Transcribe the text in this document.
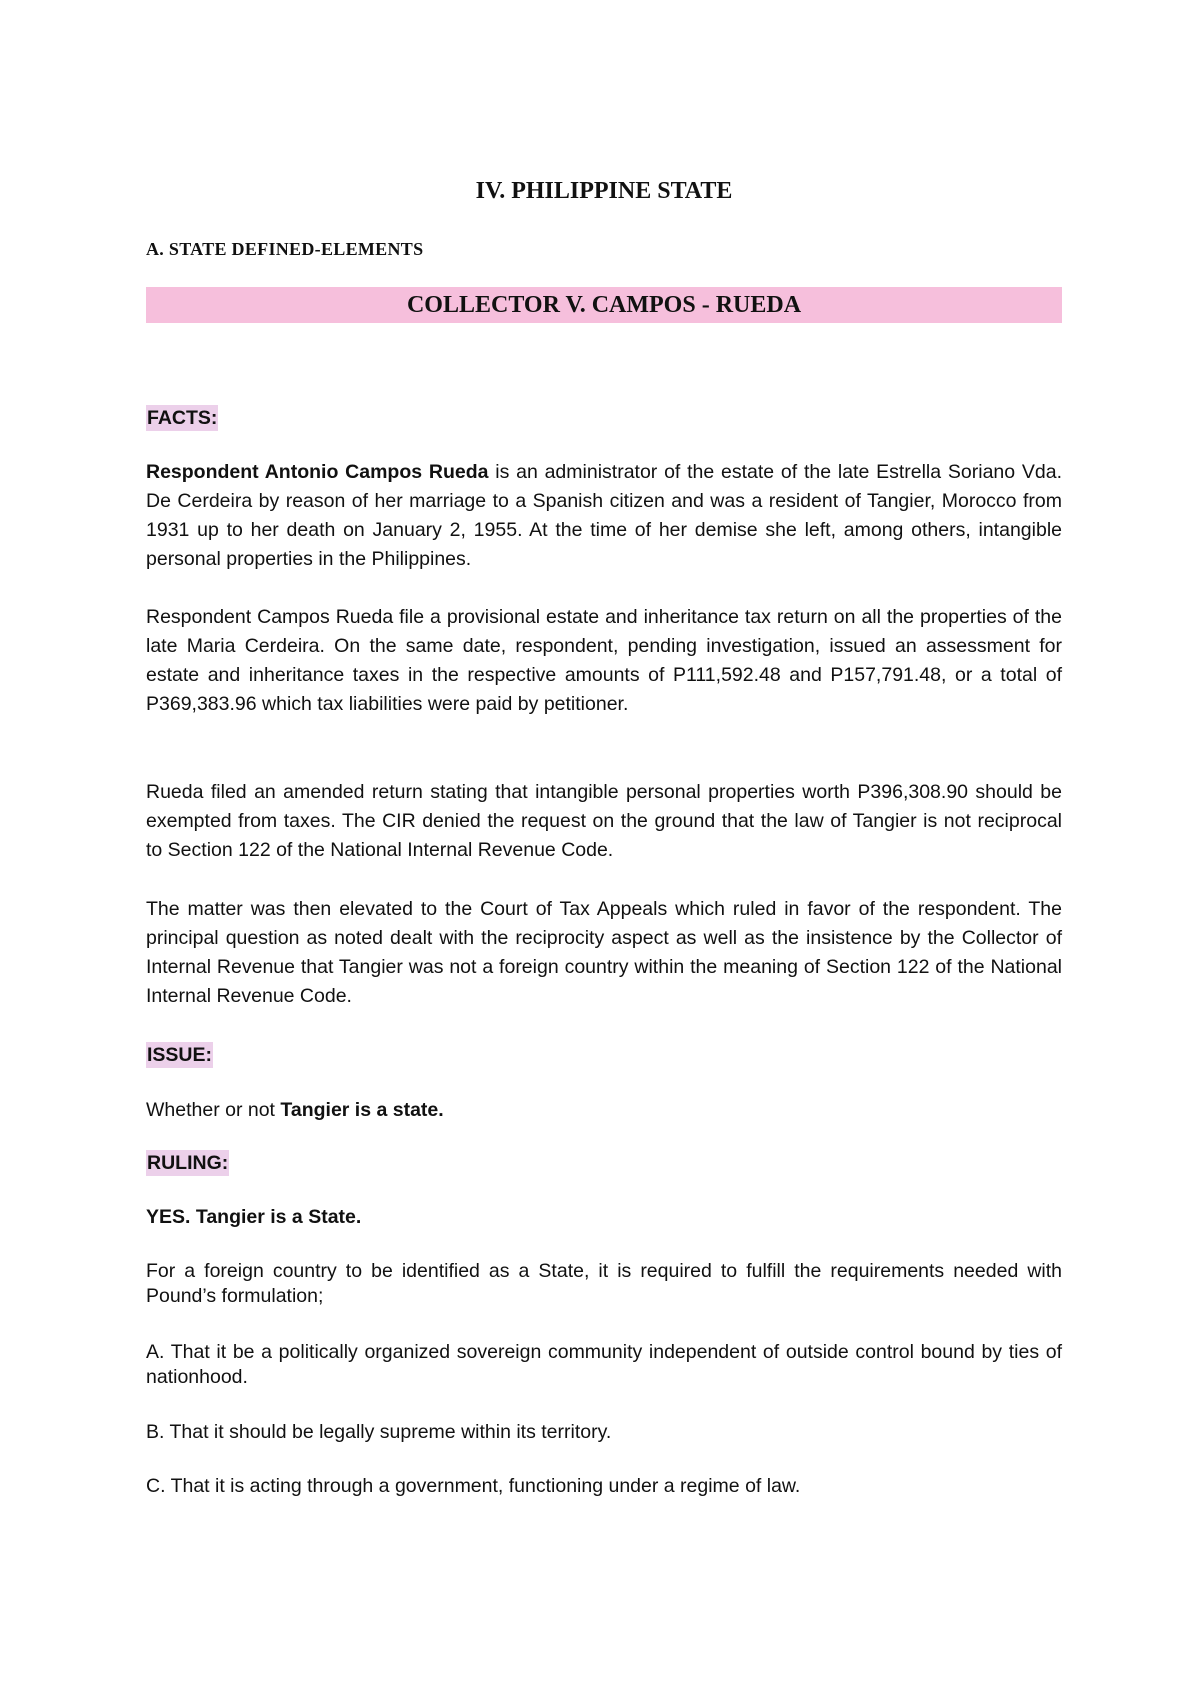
IV. PHILIPPINE STATE
A. STATE DEFINED-ELEMENTS
COLLECTOR V. CAMPOS - RUEDA
FACTS:

Respondent Antonio Campos Rueda is an administrator of the estate of the late Estrella Soriano Vda. De Cerdeira by reason of her marriage to a Spanish citizen and was a resident of Tangier, Morocco from 1931 up to her death on January 2, 1955. At the time of her demise she left, among others, intangible personal properties in the Philippines.

Respondent Campos Rueda file a provisional estate and inheritance tax return on all the properties of the late Maria Cerdeira. On the same date, respondent, pending investigation, issued an assessment for estate and inheritance taxes in the respective amounts of P111,592.48 and P157,791.48, or a total of P369,383.96 which tax liabilities were paid by petitioner.

Rueda filed an amended return stating that intangible personal properties worth P396,308.90 should be exempted from taxes. The CIR denied the request on the ground that the law of Tangier is not reciprocal to Section 122 of the National Internal Revenue Code.

The matter was then elevated to the Court of Tax Appeals which ruled in favor of the respondent. The principal question as noted dealt with the reciprocity aspect as well as the insistence by the Collector of Internal Revenue that Tangier was not a foreign country within the meaning of Section 122 of the National Internal Revenue Code.

ISSUE:

Whether or not Tangier is a state.

RULING:
YES. Tangier is a State.

For a foreign country to be identified as a State, it is required to fulfill the requirements needed with Pound’s formulation;

A. That it be a politically organized sovereign community independent of outside control bound by ties of nationhood.

B. That it should be legally supreme within its territory.

C. That it is acting through a government, functioning under a regime of law.
